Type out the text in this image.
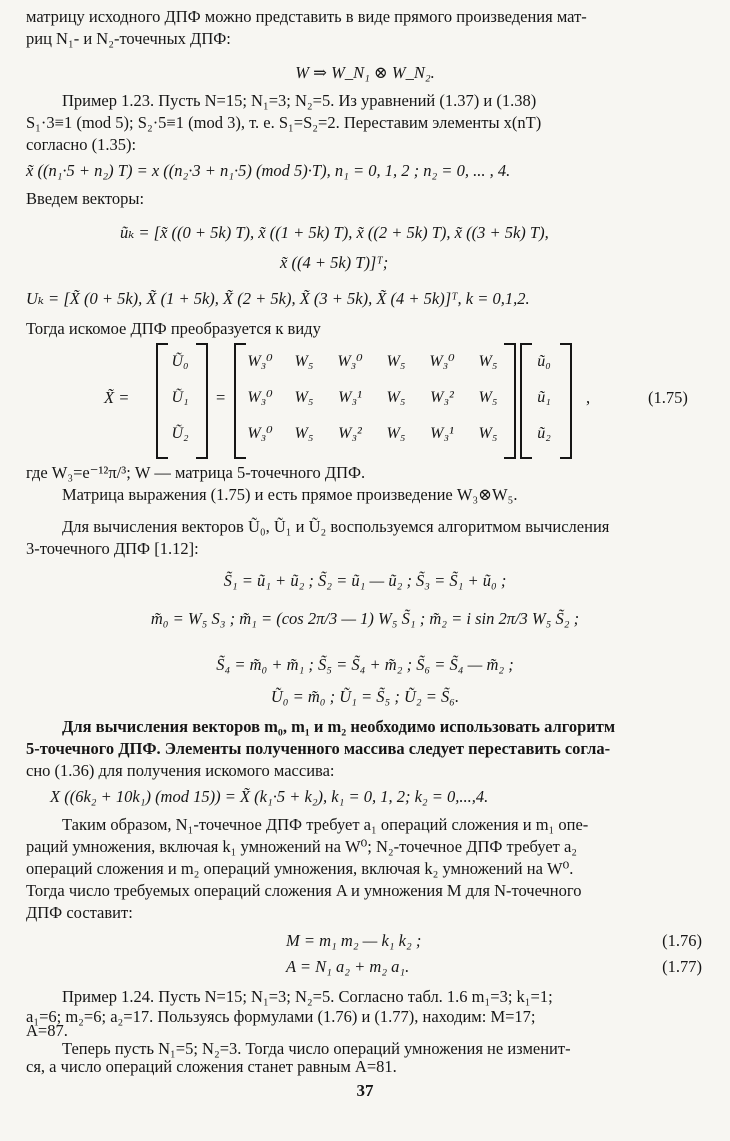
матрицу исходного ДПФ можно представить в виде прямого произведения мат-
риц N₁- и N₂-точечных ДПФ:
W ⇒ W_N₁ ⊗ W_N₂.
Пример 1.23. Пусть N=15; N₁=3; N₂=5. Из уравнений (1.37) и (1.38)
S₁·3≡1 (mod 5); S₂·5≡1 (mod 3), т. е. S₁=S₂=2. Переставим элементы x(nT)
согласно (1.35):
x̃ ((n₁·5 + n₂) T) = x ((n₂·3 + n₁·5) (mod 5)·T), n₁ = 0, 1, 2 ; n₂ = 0, ... , 4.
Введем векторы:
ũₖ = [x̃ ((0 + 5k) T), x̃ ((1 + 5k) T), x̃ ((2 + 5k) T), x̃ ((3 + 5k) T),
x̃ ((4 + 5k) T)]ᵀ;
Uₖ = [X̃ (0 + 5k), X̃ (1 + 5k), X̃ (2 + 5k), X̃ (3 + 5k), X̃ (4 + 5k)]ᵀ, k = 0,1,2.
Тогда искомое ДПФ преобразуется к виду
X̃ =
Ũ₀
Ũ₁
Ũ₂
=
W₃⁰	W₅	W₃⁰	W₅	W₃⁰	W₅
W₃⁰	W₅	W₃¹	W₅	W₃²	W₅
W₃⁰	W₅	W₃²	W₅	W₃¹	W₅
ũ₀
ũ₁
ũ₂
,	(1.75)
где W₃=e⁻¹²π/³; W — матрица 5-точечного ДПФ.
Матрица выражения (1.75) и есть прямое произведение W₃⊗W₅.
Для вычисления векторов Ũ₀, Ũ₁ и Ũ₂ воспользуемся алгоритмом вычисления
3-точечного ДПФ [1.12]:
S̃₁ = ũ₁ + ũ₂ ; S̃₂ = ũ₁ — ũ₂ ; S̃₃ = S̃₁ + ũ₀ ;
m̃₀ = W₅ S₃ ; m̃₁ = (cos 2π/3 — 1) W₅ S̃₁ ; m̃₂ = i sin 2π/3 W₅ S̃₂ ;
S̃₄ = m̃₀ + m̃₁ ; S̃₅ = S̃₄ + m̃₂ ; S̃₆ = S̃₄ — m̃₂ ;
Ũ₀ = m̃₀ ; Ũ₁ = S̃₅ ; Ũ₂ = S̃₆.
Для вычисления векторов m₀, m₁ и m₂ необходимо использовать алгоритм
5-точечного ДПФ. Элементы полученного массива следует переставить согла-
сно (1.36) для получения искомого массива:
X ((6k₂ + 10k₁) (mod 15)) = X̃ (k₁·5 + k₂), k₁ = 0, 1, 2; k₂ = 0,...,4.
Таким образом, N₁-точечное ДПФ требует a₁ операций сложения и m₁ опе-
раций умножения, включая k₁ умножений на W⁰; N₂-точечное ДПФ требует a₂
операций сложения и m₂ операций умножения, включая k₂ умножений на W⁰.
Тогда число требуемых операций сложения A и умножения M для N-точечного
ДПФ составит:
M = m₁ m₂ — k₁ k₂ ;	(1.76)
A = N₁ a₂ + m₂ a₁.	(1.77)
Пример 1.24. Пусть N=15; N₁=3; N₂=5. Согласно табл. 1.6 m₁=3; k₁=1;
a₁=6; m₂=6; a₂=17. Пользуясь формулами (1.76) и (1.77), находим: M=17;
A=87.
Теперь пусть N₁=5; N₂=3. Тогда число операций умножения не изменит-
ся, а число операций сложения станет равным A=81.
37
